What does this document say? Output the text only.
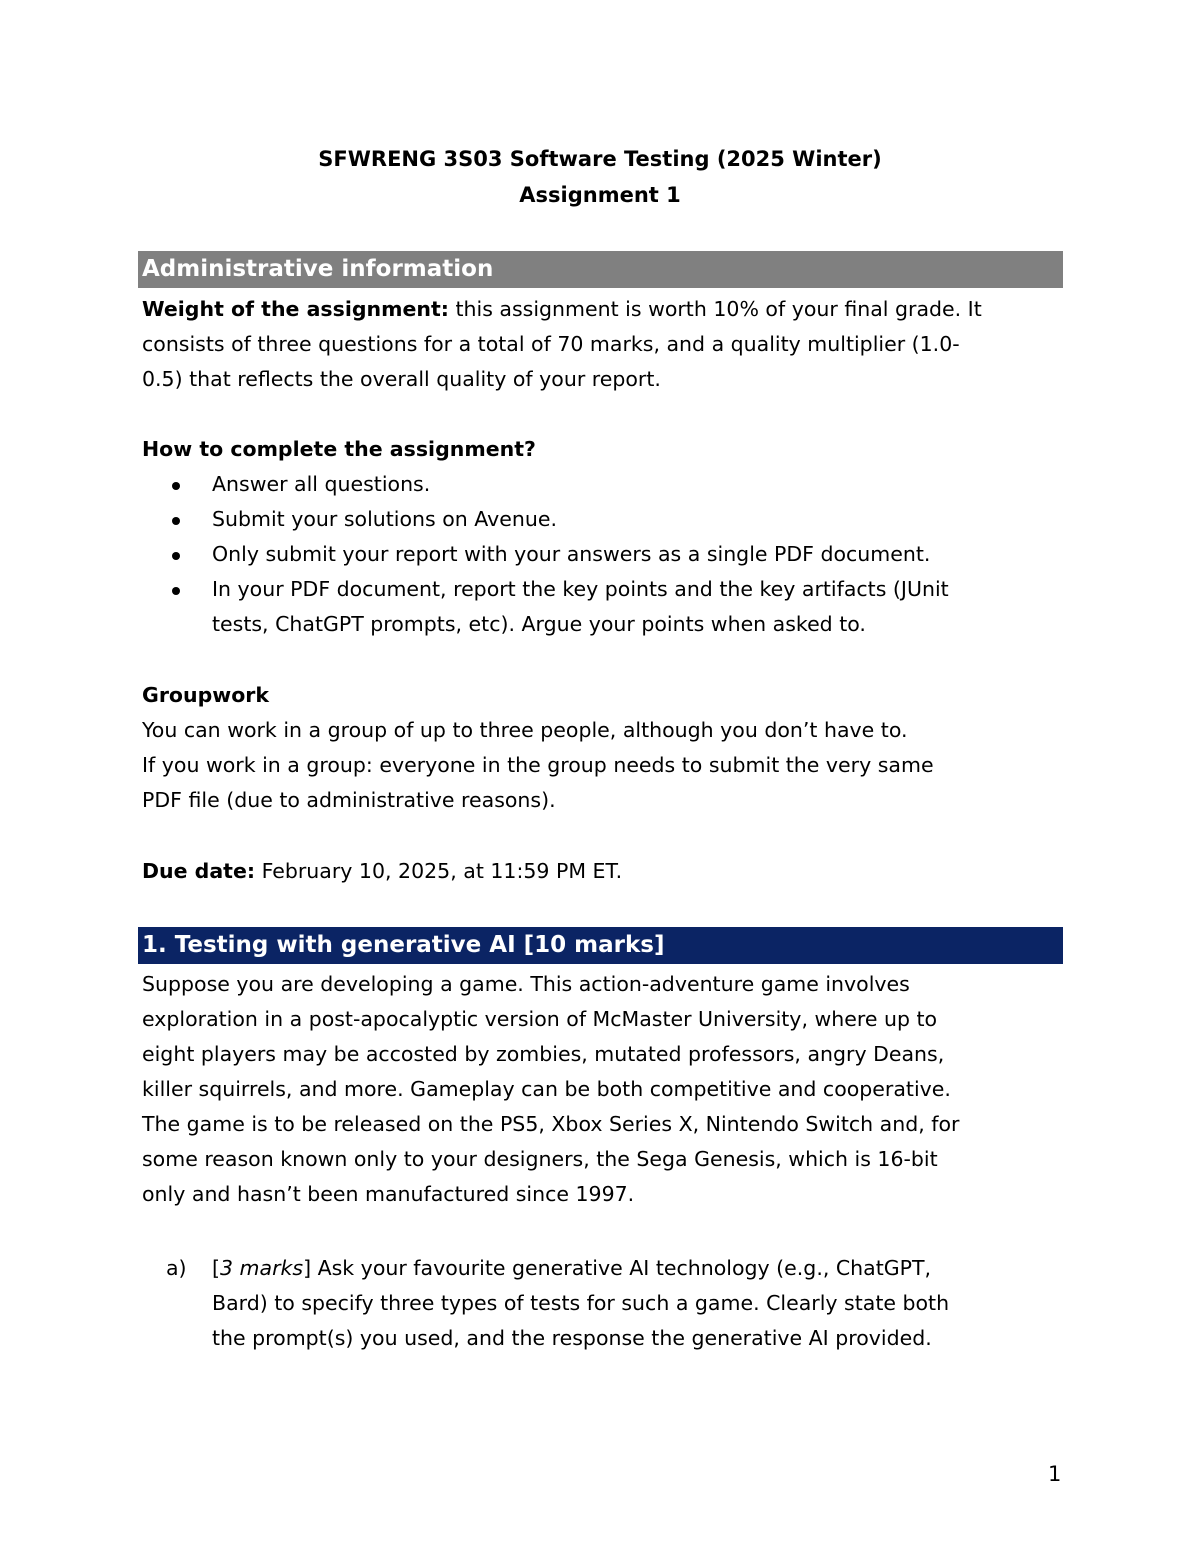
SFWRENG 3S03 Software Testing (2025 Winter)
Assignment 1
Administrative information
Weight of the assignment: this assignment is worth 10% of your final grade. It
consists of three questions for a total of 70 marks, and a quality multiplier (1.0-
0.5) that reflects the overall quality of your report.
How to complete the assignment?
Answer all questions.
Submit your solutions on Avenue.
Only submit your report with your answers as a single PDF document.
In your PDF document, report the key points and the key artifacts (JUnit
tests, ChatGPT prompts, etc). Argue your points when asked to.
Groupwork
You can work in a group of up to three people, although you don’t have to.
If you work in a group: everyone in the group needs to submit the very same
PDF file (due to administrative reasons).
Due date: February 10, 2025, at 11:59 PM ET.
1. Testing with generative AI [10 marks]
Suppose you are developing a game. This action-adventure game involves
exploration in a post-apocalyptic version of McMaster University, where up to
eight players may be accosted by zombies, mutated professors, angry Deans,
killer squirrels, and more. Gameplay can be both competitive and cooperative.
The game is to be released on the PS5, Xbox Series X, Nintendo Switch and, for
some reason known only to your designers, the Sega Genesis, which is 16-bit
only and hasn’t been manufactured since 1997.
a) [3 marks] Ask your favourite generative AI technology (e.g., ChatGPT,
Bard) to specify three types of tests for such a game. Clearly state both
the prompt(s) you used, and the response the generative AI provided.
1
